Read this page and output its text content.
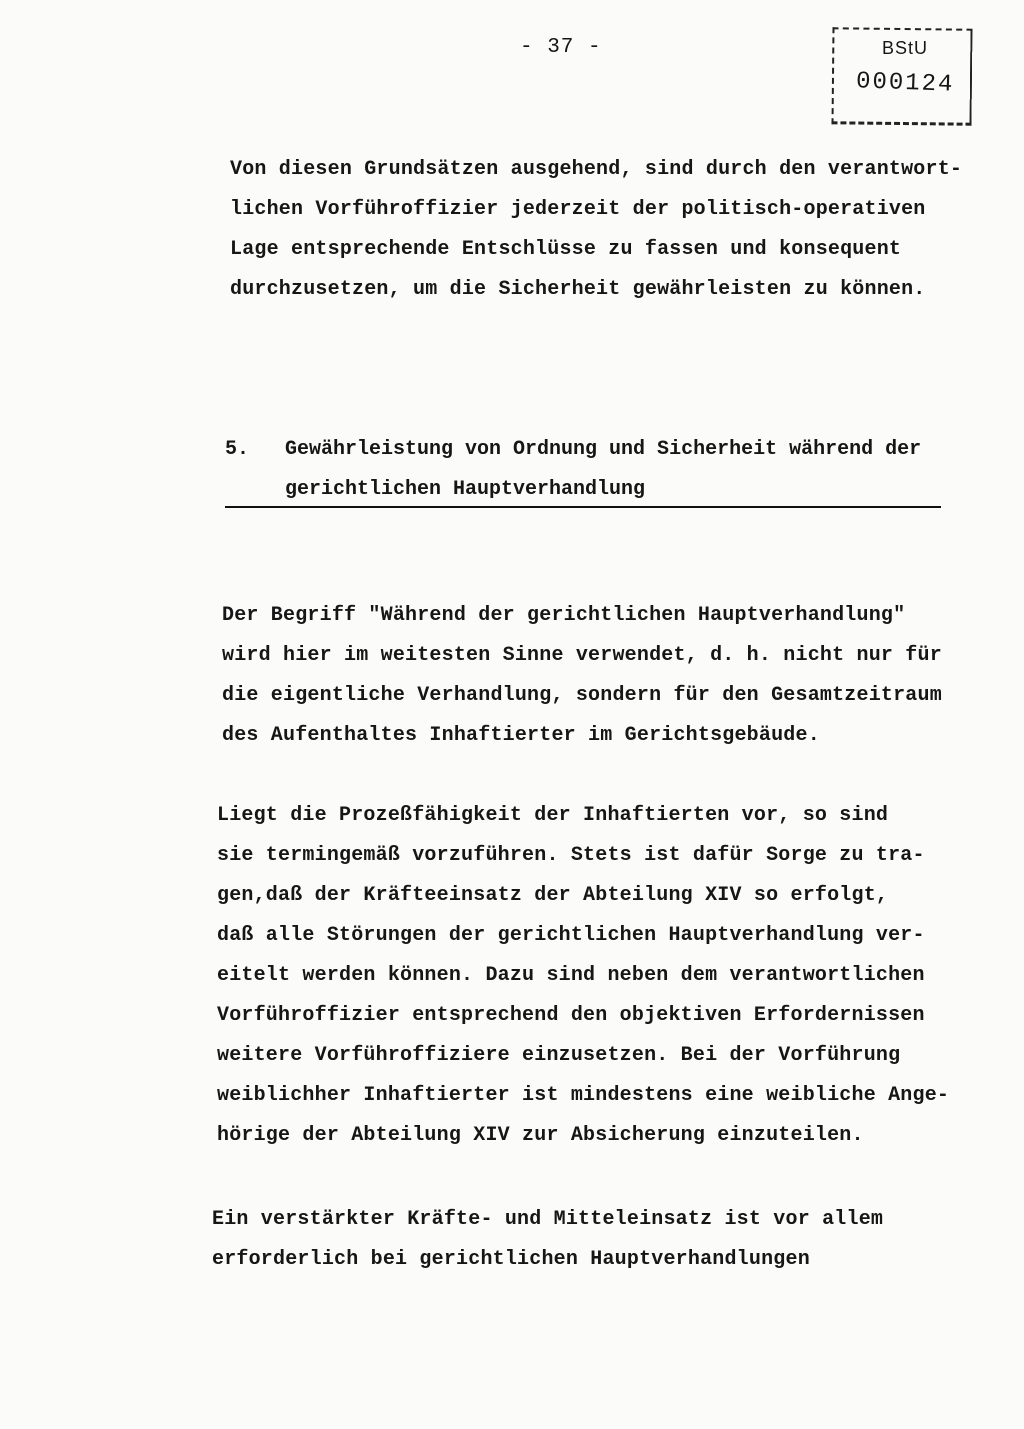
- 37 -	BStU
000124

Von diesen Grundsätzen ausgehend, sind durch den verantwort-
lichen Vorführoffizier jederzeit der politisch-operativen
Lage entsprechende Entschlüsse zu fassen und konsequent
durchzusetzen, um die Sicherheit gewährleisten zu können.

5. Gewährleistung von Ordnung und Sicherheit während der
gerichtlichen Hauptverhandlung

Der Begriff "Während der gerichtlichen Hauptverhandlung"
wird hier im weitesten Sinne verwendet, d. h. nicht nur für
die eigentliche Verhandlung, sondern für den Gesamtzeitraum
des Aufenthaltes Inhaftierter im Gerichtsgebäude.

Liegt die Prozeßfähigkeit der Inhaftierten vor, so sind
sie termingemäß vorzuführen. Stets ist dafür Sorge zu tra-
gen,daß der Kräfteeinsatz der Abteilung XIV so erfolgt,
daß alle Störungen der gerichtlichen Hauptverhandlung ver-
eitelt werden können. Dazu sind neben dem verantwortlichen
Vorführoffizier entsprechend den objektiven Erfordernissen
weitere Vorführoffiziere einzusetzen. Bei der Vorführung
weiblichher Inhaftierter ist mindestens eine weibliche Ange-
hörige der Abteilung XIV zur Absicherung einzuteilen.

Ein verstärkter Kräfte- und Mitteleinsatz ist vor allem
erforderlich bei gerichtlichen Hauptverhandlungen
